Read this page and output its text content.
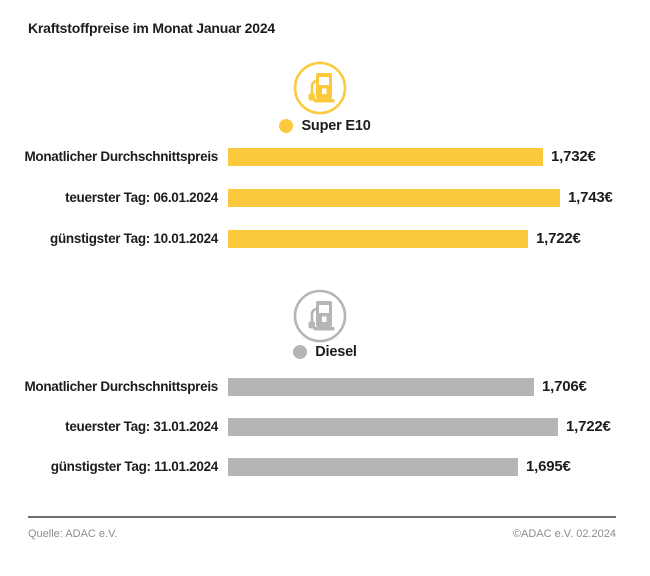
Kraftstoffpreise im Monat Januar 2024
Super E10
Monatlicher Durchschnittspreis	1,732€
teuerster Tag: 06.01.2024	1,743€
günstigster Tag: 10.01.2024	1,722€
Diesel
Monatlicher Durchschnittspreis	1,706€
teuerster Tag: 31.01.2024	1,722€
günstigster Tag: 11.01.2024	1,695€
Quelle: ADAC e.V.	©ADAC e.V. 02.2024
